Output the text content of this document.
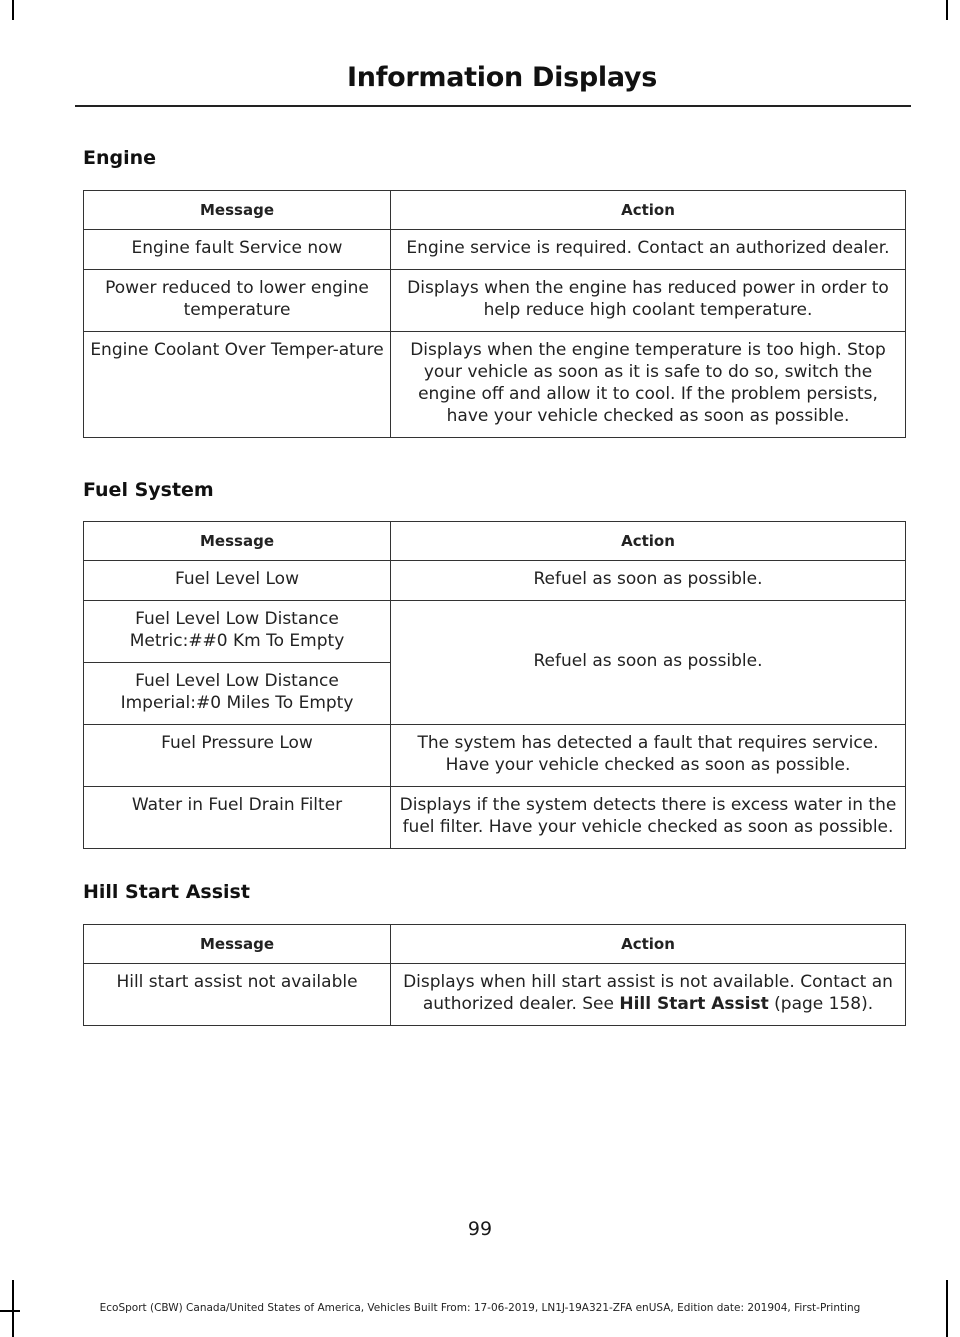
Information Displays
Engine
Message	Action
Engine fault Service now	Engine service is required. Contact an authorized dealer.
Power reduced to lower engine temperature	Displays when the engine has reduced power in order to help reduce high coolant temperature.
Engine Coolant Over Temper-ature	Displays when the engine temperature is too high. Stop your vehicle as soon as it is safe to do so, switch the engine off and allow it to cool. If the problem persists, have your vehicle checked as soon as possible.
Fuel System
Message	Action
Fuel Level Low	Refuel as soon as possible.
Fuel Level Low Distance Metric:##0 Km To Empty	Refuel as soon as possible.
Fuel Level Low Distance Imperial:#0 Miles To Empty	
Fuel Pressure Low	The system has detected a fault that requires service. Have your vehicle checked as soon as possible.
Water in Fuel Drain Filter	Displays if the system detects there is excess water in the fuel filter. Have your vehicle checked as soon as possible.
Hill Start Assist
Message	Action
Hill start assist not available	Displays when hill start assist is not available. Contact an authorized dealer. See Hill Start Assist (page 158).
99
EcoSport (CBW) Canada/United States of America, Vehicles Built From: 17-06-2019, LN1J-19A321-ZFA enUSA, Edition date: 201904, First-Printing
